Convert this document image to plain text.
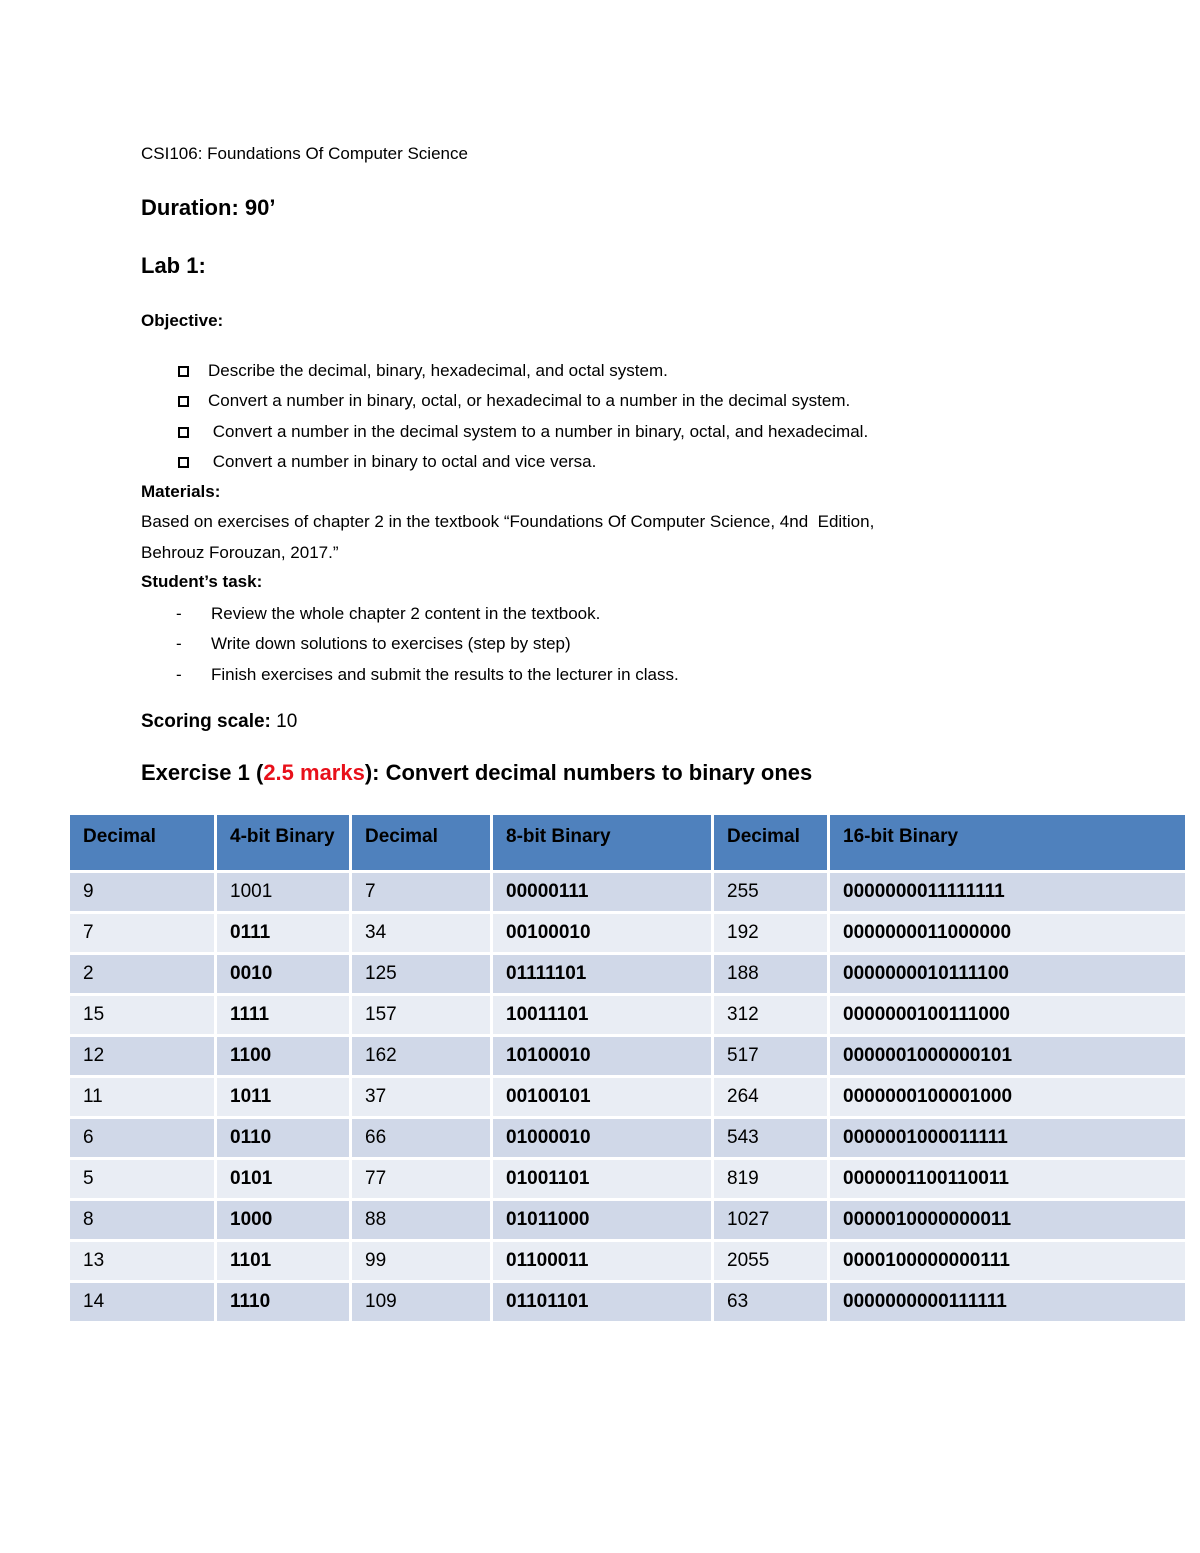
CSI106: Foundations Of Computer Science
Duration: 90’
Lab 1:
Objective:
Describe the decimal, binary, hexadecimal, and octal system.
Convert a number in binary, octal, or hexadecimal to a number in the decimal system.
Convert a number in the decimal system to a number in binary, octal, and hexadecimal.
Convert a number in binary to octal and vice versa.
Materials:
Based on exercises of chapter 2 in the textbook “Foundations Of Computer Science, 4nd  Edition,
Behrouz Forouzan, 2017.”
Student’s task:
-	Review the whole chapter 2 content in the textbook.
-	Write down solutions to exercises (step by step)
-	Finish exercises and submit the results to the lecturer in class.
Scoring scale: 10
Exercise 1 (2.5 marks): Convert decimal numbers to binary ones
Decimal	4-bit Binary	Decimal	8-bit Binary	Decimal	16-bit Binary
9	1001	7	00000111	255	0000000011111111
7	0111	34	00100010	192	0000000011000000
2	0010	125	01111101	188	0000000010111100
15	1111	157	10011101	312	0000000100111000
12	1100	162	10100010	517	0000001000000101
11	1011	37	00100101	264	0000000100001000
6	0110	66	01000010	543	0000001000011111
5	0101	77	01001101	819	0000001100110011
8	1000	88	01011000	1027	0000010000000011
13	1101	99	01100011	2055	0000100000000111
14	1110	109	01101101	63	0000000000111111
